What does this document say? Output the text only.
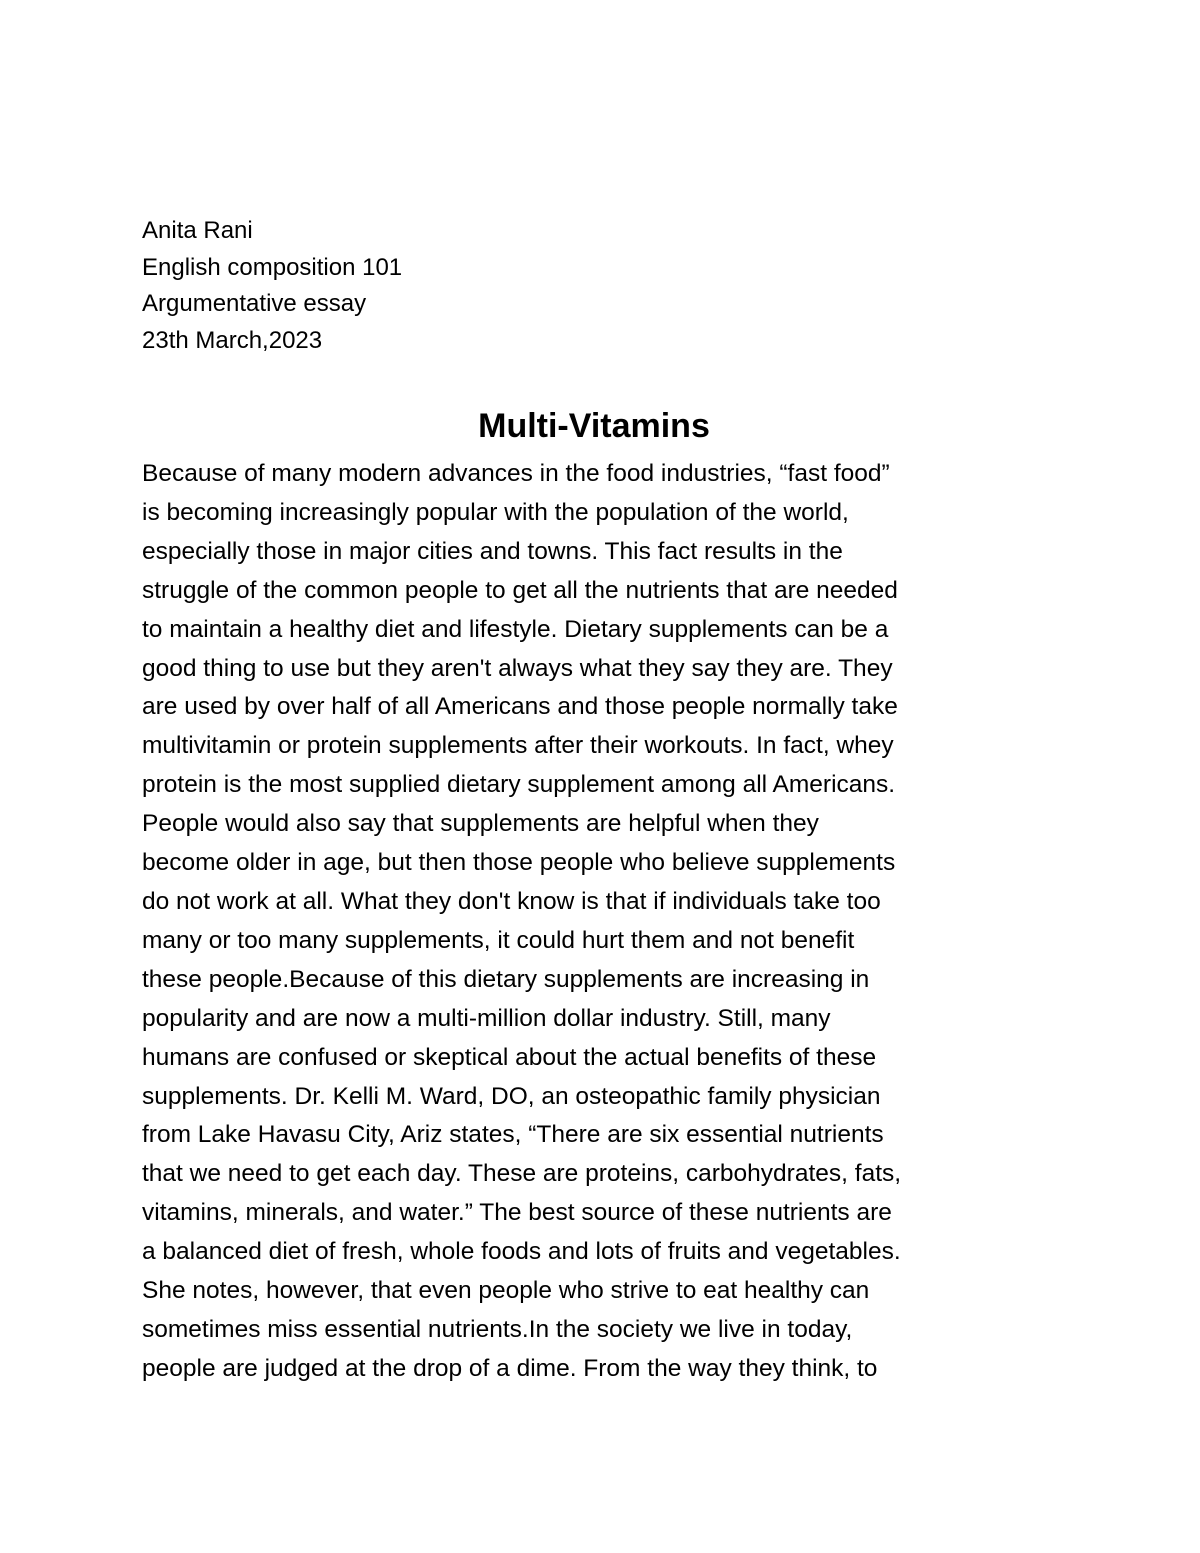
Anita Rani
English composition 101
Argumentative essay
23th March,2023
Multi-Vitamins
Because of many modern advances in the food industries, “fast food”
is becoming increasingly popular with the population of the world,
especially those in major cities and towns. This fact results in the
struggle of the common people to get all the nutrients that are needed
to maintain a healthy diet and lifestyle. Dietary supplements can be a
good thing to use but they aren't always what they say they are. They
are used by over half of all Americans and those people normally take
multivitamin or protein supplements after their workouts. In fact, whey
protein is the most supplied dietary supplement among all Americans.
People would also say that supplements are helpful when they
become older in age, but then those people who believe supplements
do not work at all. What they don't know is that if individuals take too
many or too many supplements, it could hurt them and not benefit
these people.Because of this dietary supplements are increasing in
popularity and are now a multi-million dollar industry. Still, many
humans are confused or skeptical about the actual benefits of these
supplements. Dr. Kelli M. Ward, DO, an osteopathic family physician
from Lake Havasu City, Ariz states, “There are six essential nutrients
that we need to get each day. These are proteins, carbohydrates, fats,
vitamins, minerals, and water.” The best source of these nutrients are
a balanced diet of fresh, whole foods and lots of fruits and vegetables.
She notes, however, that even people who strive to eat healthy can
sometimes miss essential nutrients.In the society we live in today,
people are judged at the drop of a dime. From the way they think, to
